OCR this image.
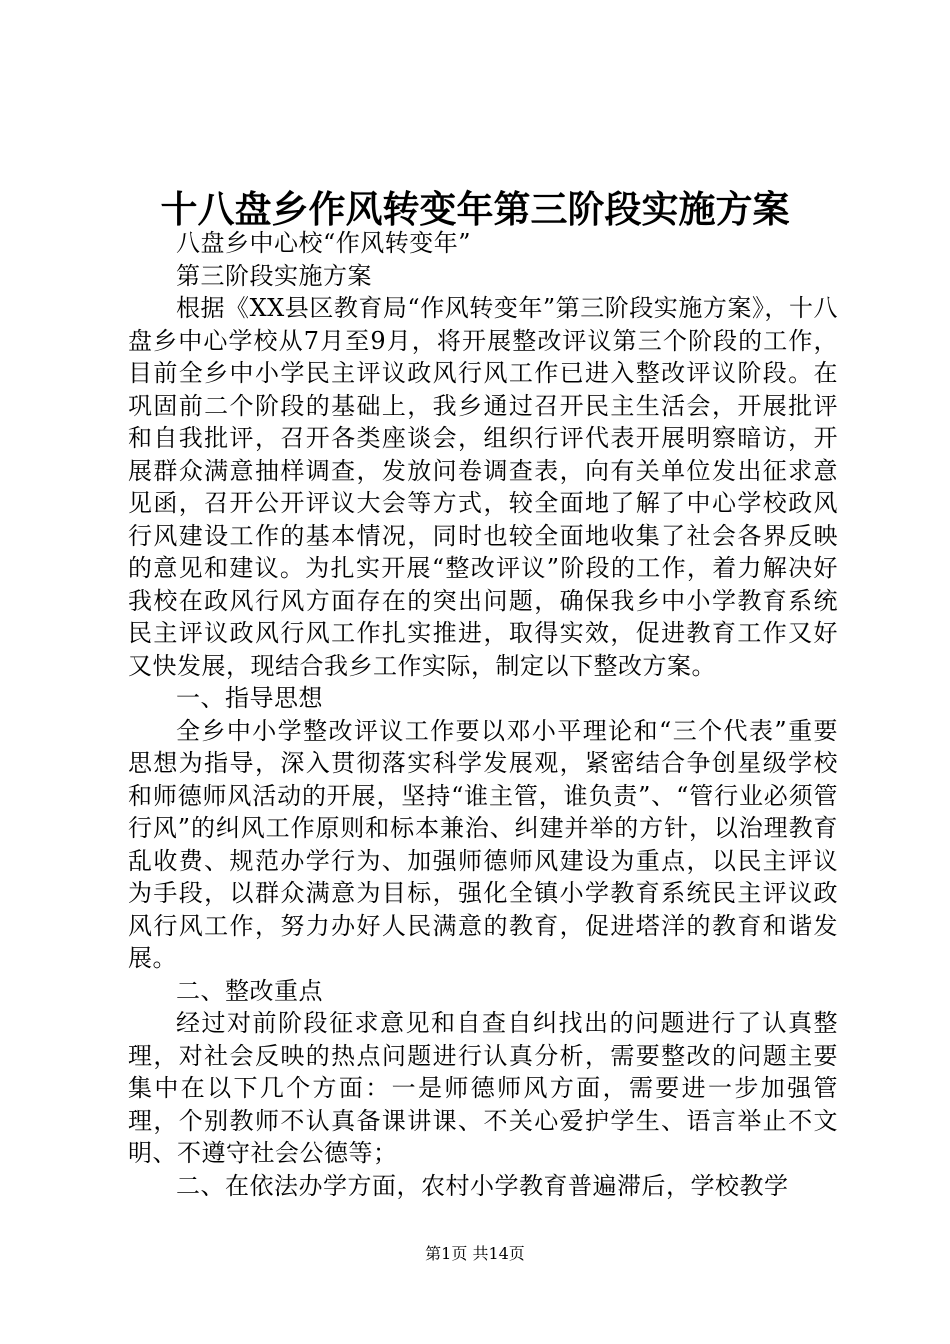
十八盘乡作风转变年第三阶段实施方案

八盘乡中心校“作风转变年”

第三阶段实施方案

根据《XX县区教育局“作风转变年”第三阶段实施方案》，十八盘乡中心学校从7月至9月，将开展整改评议第三个阶段的工作，目前全乡中小学民主评议政风行风工作已进入整改评议阶段。在巩固前二个阶段的基础上，我乡通过召开民主生活会，开展批评和自我批评，召开各类座谈会，组织行评代表开展明察暗访，开展群众满意抽样调查，发放问卷调查表，向有关单位发出征求意见函，召开公开评议大会等方式，较全面地了解了中心学校政风行风建设工作的基本情况，同时也较全面地收集了社会各界反映的意见和建议。为扎实开展“整改评议”阶段的工作，着力解决好我校在政风行风方面存在的突出问题，确保我乡中小学教育系统民主评议政风行风工作扎实推进，取得实效，促进教育工作又好又快发展，现结合我乡工作实际，制定以下整改方案。

一、指导思想

全乡中小学整改评议工作要以邓小平理论和“三个代表”重要思想为指导，深入贯彻落实科学发展观，紧密结合争创星级学校和师德师风活动的开展，坚持“谁主管，谁负责”、“管行业必须管行风”的纠风工作原则和标本兼治、纠建并举的方针，以治理教育乱收费、规范办学行为、加强师德师风建设为重点，以民主评议为手段，以群众满意为目标，强化全镇小学教育系统民主评议政风行风工作，努力办好人民满意的教育，促进塔洋的教育和谐发展。

二、整改重点

经过对前阶段征求意见和自查自纠找出的问题进行了认真整理，对社会反映的热点问题进行认真分析，需要整改的问题主要集中在以下几个方面：一是师德师风方面，需要进一步加强管理，个别教师不认真备课讲课、不关心爱护学生、语言举止不文明、不遵守社会公德等；

二、在依法办学方面，农村小学教育普遍滞后，学校教学

第1页 共14页
